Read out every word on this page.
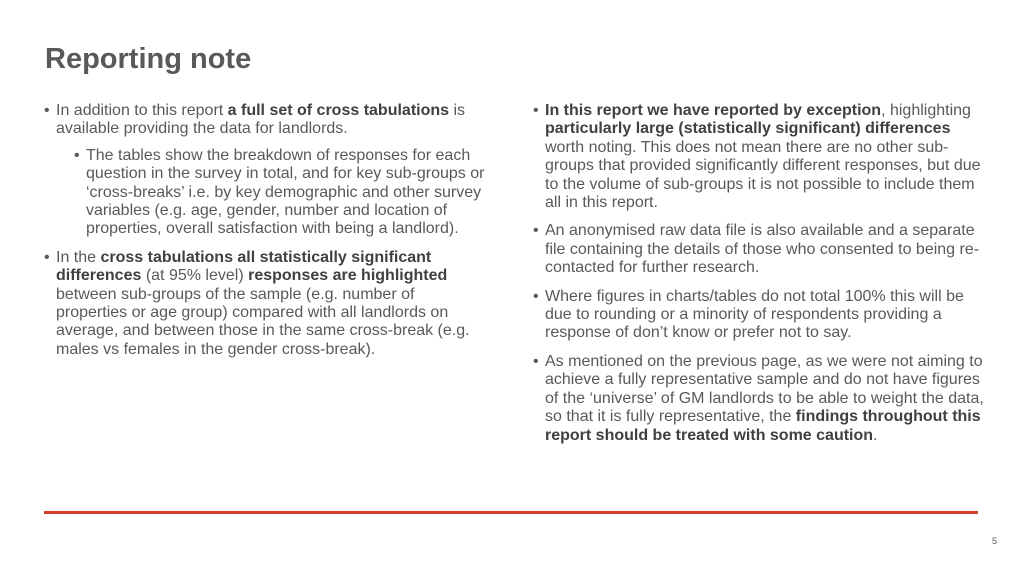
Reporting note
• In addition to this report a full set of cross tabulations is available providing the data for landlords.
• The tables show the breakdown of responses for each question in the survey in total, and for key sub-groups or ‘cross-breaks’ i.e. by key demographic and other survey variables (e.g. age, gender, number and location of properties, overall satisfaction with being a landlord).
• In the cross tabulations all statistically significant differences (at 95% level) responses are highlighted between sub-groups of the sample (e.g. number of properties or age group) compared with all landlords on average, and between those in the same cross-break (e.g. males vs females in the gender cross-break).
• In this report we have reported by exception, highlighting particularly large (statistically significant) differences worth noting. This does not mean there are no other sub-groups that provided significantly different responses, but due to the volume of sub-groups it is not possible to include them all in this report.
• An anonymised raw data file is also available and a separate file containing the details of those who consented to being re-contacted for further research.
• Where figures in charts/tables do not total 100% this will be due to rounding or a minority of respondents providing a response of don’t know or prefer not to say.
• As mentioned on the previous page, as we were not aiming to achieve a fully representative sample and do not have figures of the ‘universe’ of GM landlords to be able to weight the data, so that it is fully representative, the findings throughout this report should be treated with some caution.
5
